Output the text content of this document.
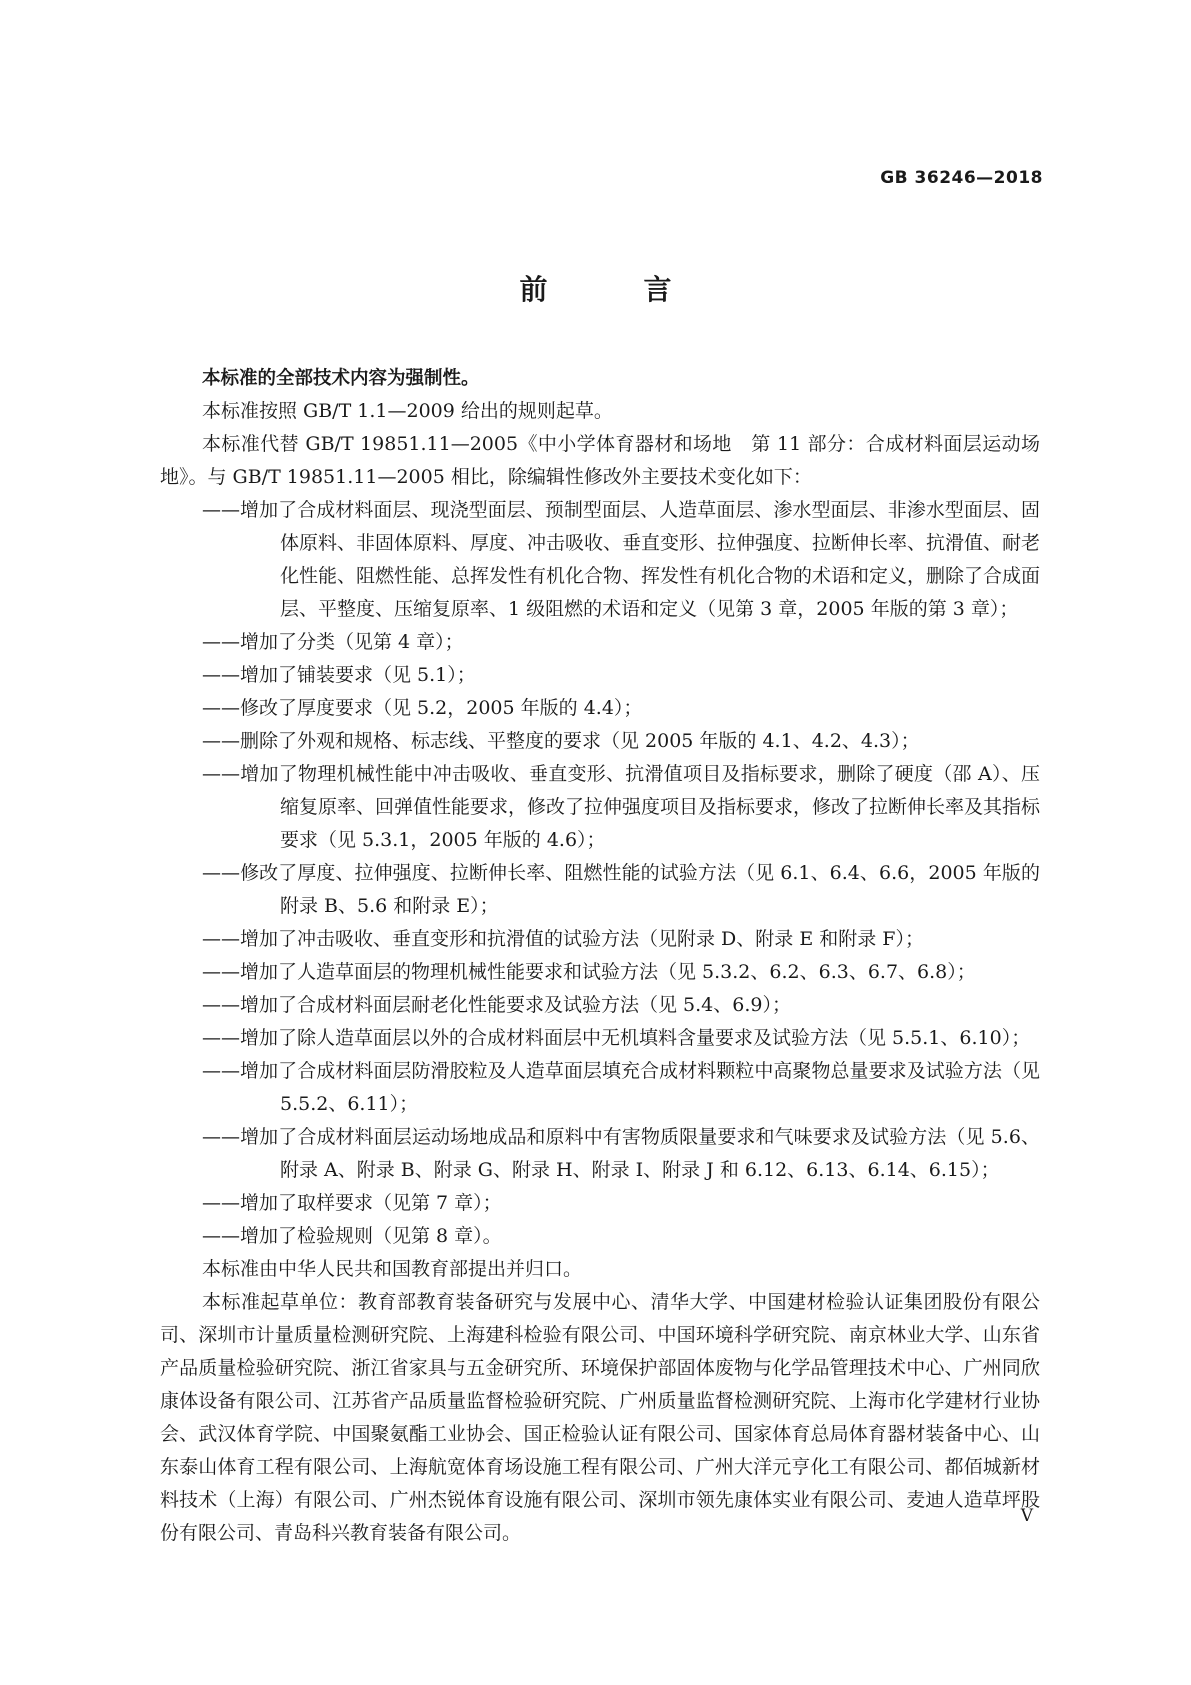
GB 36246—2018
前　言

本标准的全部技术内容为强制性。

本标准按照 GB/T 1.1—2009 给出的规则起草。

本标准代替 GB/T 19851.11—2005《中小学体育器材和场地　第 11 部分：合成材料面层运动场地》。与 GB/T 19851.11—2005 相比，除编辑性修改外主要技术变化如下：

——增加了合成材料面层、现浇型面层、预制型面层、人造草面层、渗水型面层、非渗水型面层、固体原料、非固体原料、厚度、冲击吸收、垂直变形、拉伸强度、拉断伸长率、抗滑值、耐老化性能、阻燃性能、总挥发性有机化合物、挥发性有机化合物的术语和定义，删除了合成面层、平整度、压缩复原率、1 级阻燃的术语和定义（见第 3 章，2005 年版的第 3 章）；

——增加了分类（见第 4 章）；

——增加了铺装要求（见 5.1）；

——修改了厚度要求（见 5.2，2005 年版的 4.4）；

——删除了外观和规格、标志线、平整度的要求（见 2005 年版的 4.1、4.2、4.3）；

——增加了物理机械性能中冲击吸收、垂直变形、抗滑值项目及指标要求，删除了硬度（邵 A）、压缩复原率、回弹值性能要求，修改了拉伸强度项目及指标要求，修改了拉断伸长率及其指标要求（见 5.3.1，2005 年版的 4.6）；

——修改了厚度、拉伸强度、拉断伸长率、阻燃性能的试验方法（见 6.1、6.4、6.6，2005 年版的附录 B、5.6 和附录 E）；

——增加了冲击吸收、垂直变形和抗滑值的试验方法（见附录 D、附录 E 和附录 F）；

——增加了人造草面层的物理机械性能要求和试验方法（见 5.3.2、6.2、6.3、6.7、6.8）；

——增加了合成材料面层耐老化性能要求及试验方法（见 5.4、6.9）；

——增加了除人造草面层以外的合成材料面层中无机填料含量要求及试验方法（见 5.5.1、6.10）；

——增加了合成材料面层防滑胶粒及人造草面层填充合成材料颗粒中高聚物总量要求及试验方法（见 5.5.2、6.11）；

——增加了合成材料面层运动场地成品和原料中有害物质限量要求和气味要求及试验方法（见 5.6、附录 A、附录 B、附录 G、附录 H、附录 I、附录 J 和 6.12、6.13、6.14、6.15）；

——增加了取样要求（见第 7 章）；

——增加了检验规则（见第 8 章）。

本标准由中华人民共和国教育部提出并归口。

本标准起草单位：教育部教育装备研究与发展中心、清华大学、中国建材检验认证集团股份有限公司、深圳市计量质量检测研究院、上海建科检验有限公司、中国环境科学研究院、南京林业大学、山东省产品质量检验研究院、浙江省家具与五金研究所、环境保护部固体废物与化学品管理技术中心、广州同欣康体设备有限公司、江苏省产品质量监督检验研究院、广州质量监督检测研究院、上海市化学建材行业协会、武汉体育学院、中国聚氨酯工业协会、国正检验认证有限公司、国家体育总局体育器材装备中心、山东泰山体育工程有限公司、上海航宽体育场设施工程有限公司、广州大洋元亨化工有限公司、都佰城新材料技术（上海）有限公司、广州杰锐体育设施有限公司、深圳市领先康体实业有限公司、麦迪人造草坪股份有限公司、青岛科兴教育装备有限公司。

V
